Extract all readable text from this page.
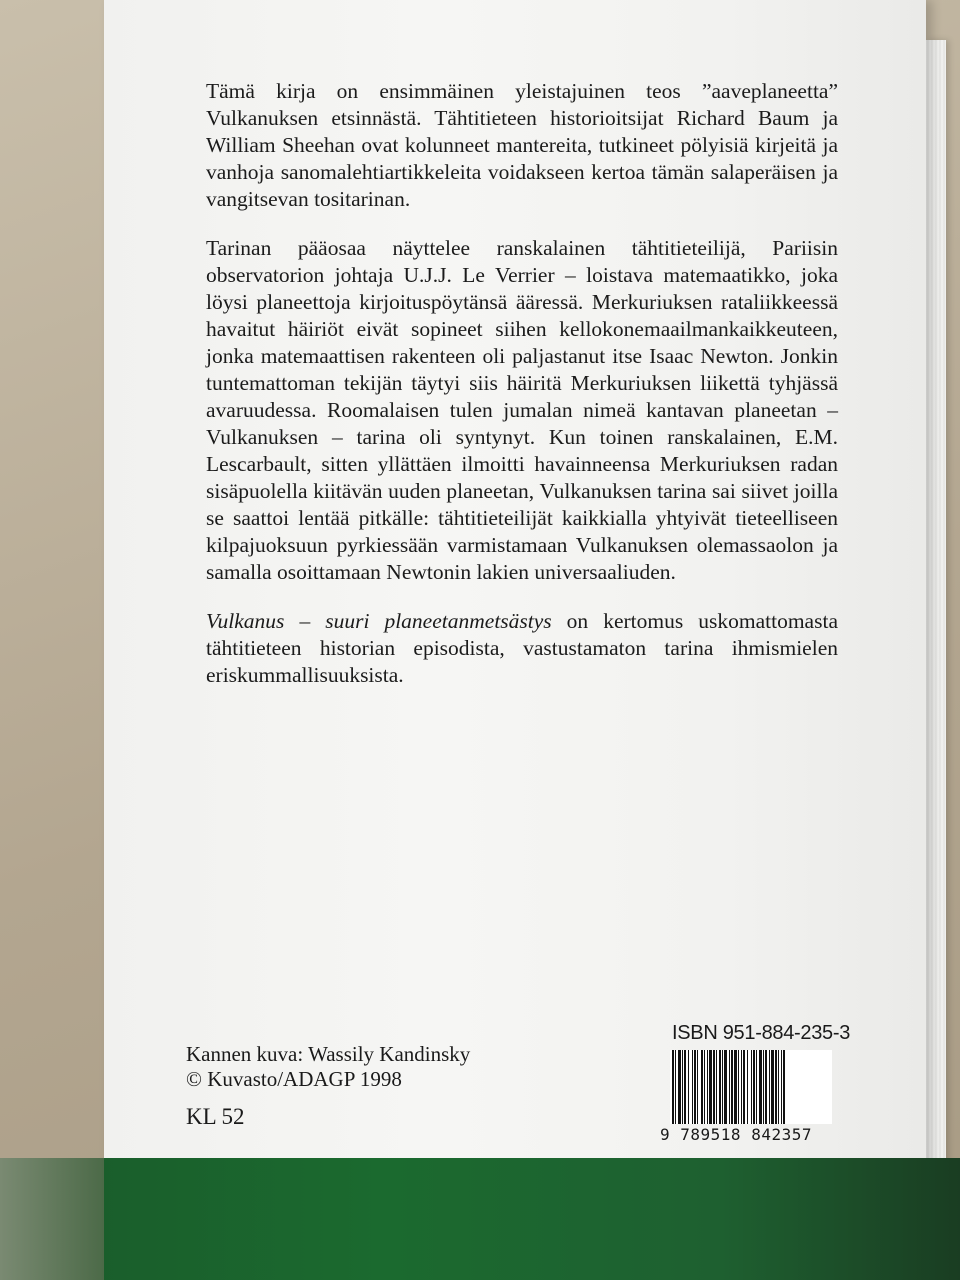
Tämä kirja on ensimmäinen yleistajuinen teos ”aaveplaneetta” Vulkanuksen etsinnästä. Tähtitieteen historioitsijat Richard Baum ja William Sheehan ovat kolunneet mantereita, tutkineet pölyisiä kirjeitä ja vanhoja sanomalehtiartikkeleita voidakseen kertoa tämän salaperäisen ja vangitsevan tositarinan.

Tarinan pääosaa näyttelee ranskalainen tähtitieteilijä, Pariisin observatorion johtaja U.J.J. Le Verrier – loistava matemaatikko, joka löysi planeettoja kirjoituspöytänsä ääressä. Merkuriuksen rataliikkeessä havaitut häiriöt eivät sopineet siihen kellokonemaailmankaikkeuteen, jonka matemaattisen rakenteen oli paljastanut itse Isaac Newton. Jonkin tuntemattoman tekijän täytyi siis häiritä Merkuriuksen liikettä tyhjässä avaruudessa. Roomalaisen tulen jumalan nimeä kantavan planeetan – Vulkanuksen – tarina oli syntynyt. Kun toinen ranskalainen, E.M. Lescarbault, sitten yllättäen ilmoitti havainneensa Merkuriuksen radan sisäpuolella kiitävän uuden planeetan, Vulkanuksen tarina sai siivet joilla se saattoi lentää pitkälle: tähtitieteilijät kaikkialla yhtyivät tieteelliseen kilpajuoksuun pyrkiessään varmistamaan Vulkanuksen olemassaolon ja samalla osoittamaan Newtonin lakien universaaliuden.

Vulkanus – suuri planeetanmetsästys on kertomus uskomattomasta tähtitieteen historian episodista, vastustamaton tarina ihmismielen eriskummallisuuksista.

Kannen kuva: Wassily Kandinsky
© Kuvasto/ADAGP 1998
KL 52
ISBN 951-884-235-3
9 789518 842357
